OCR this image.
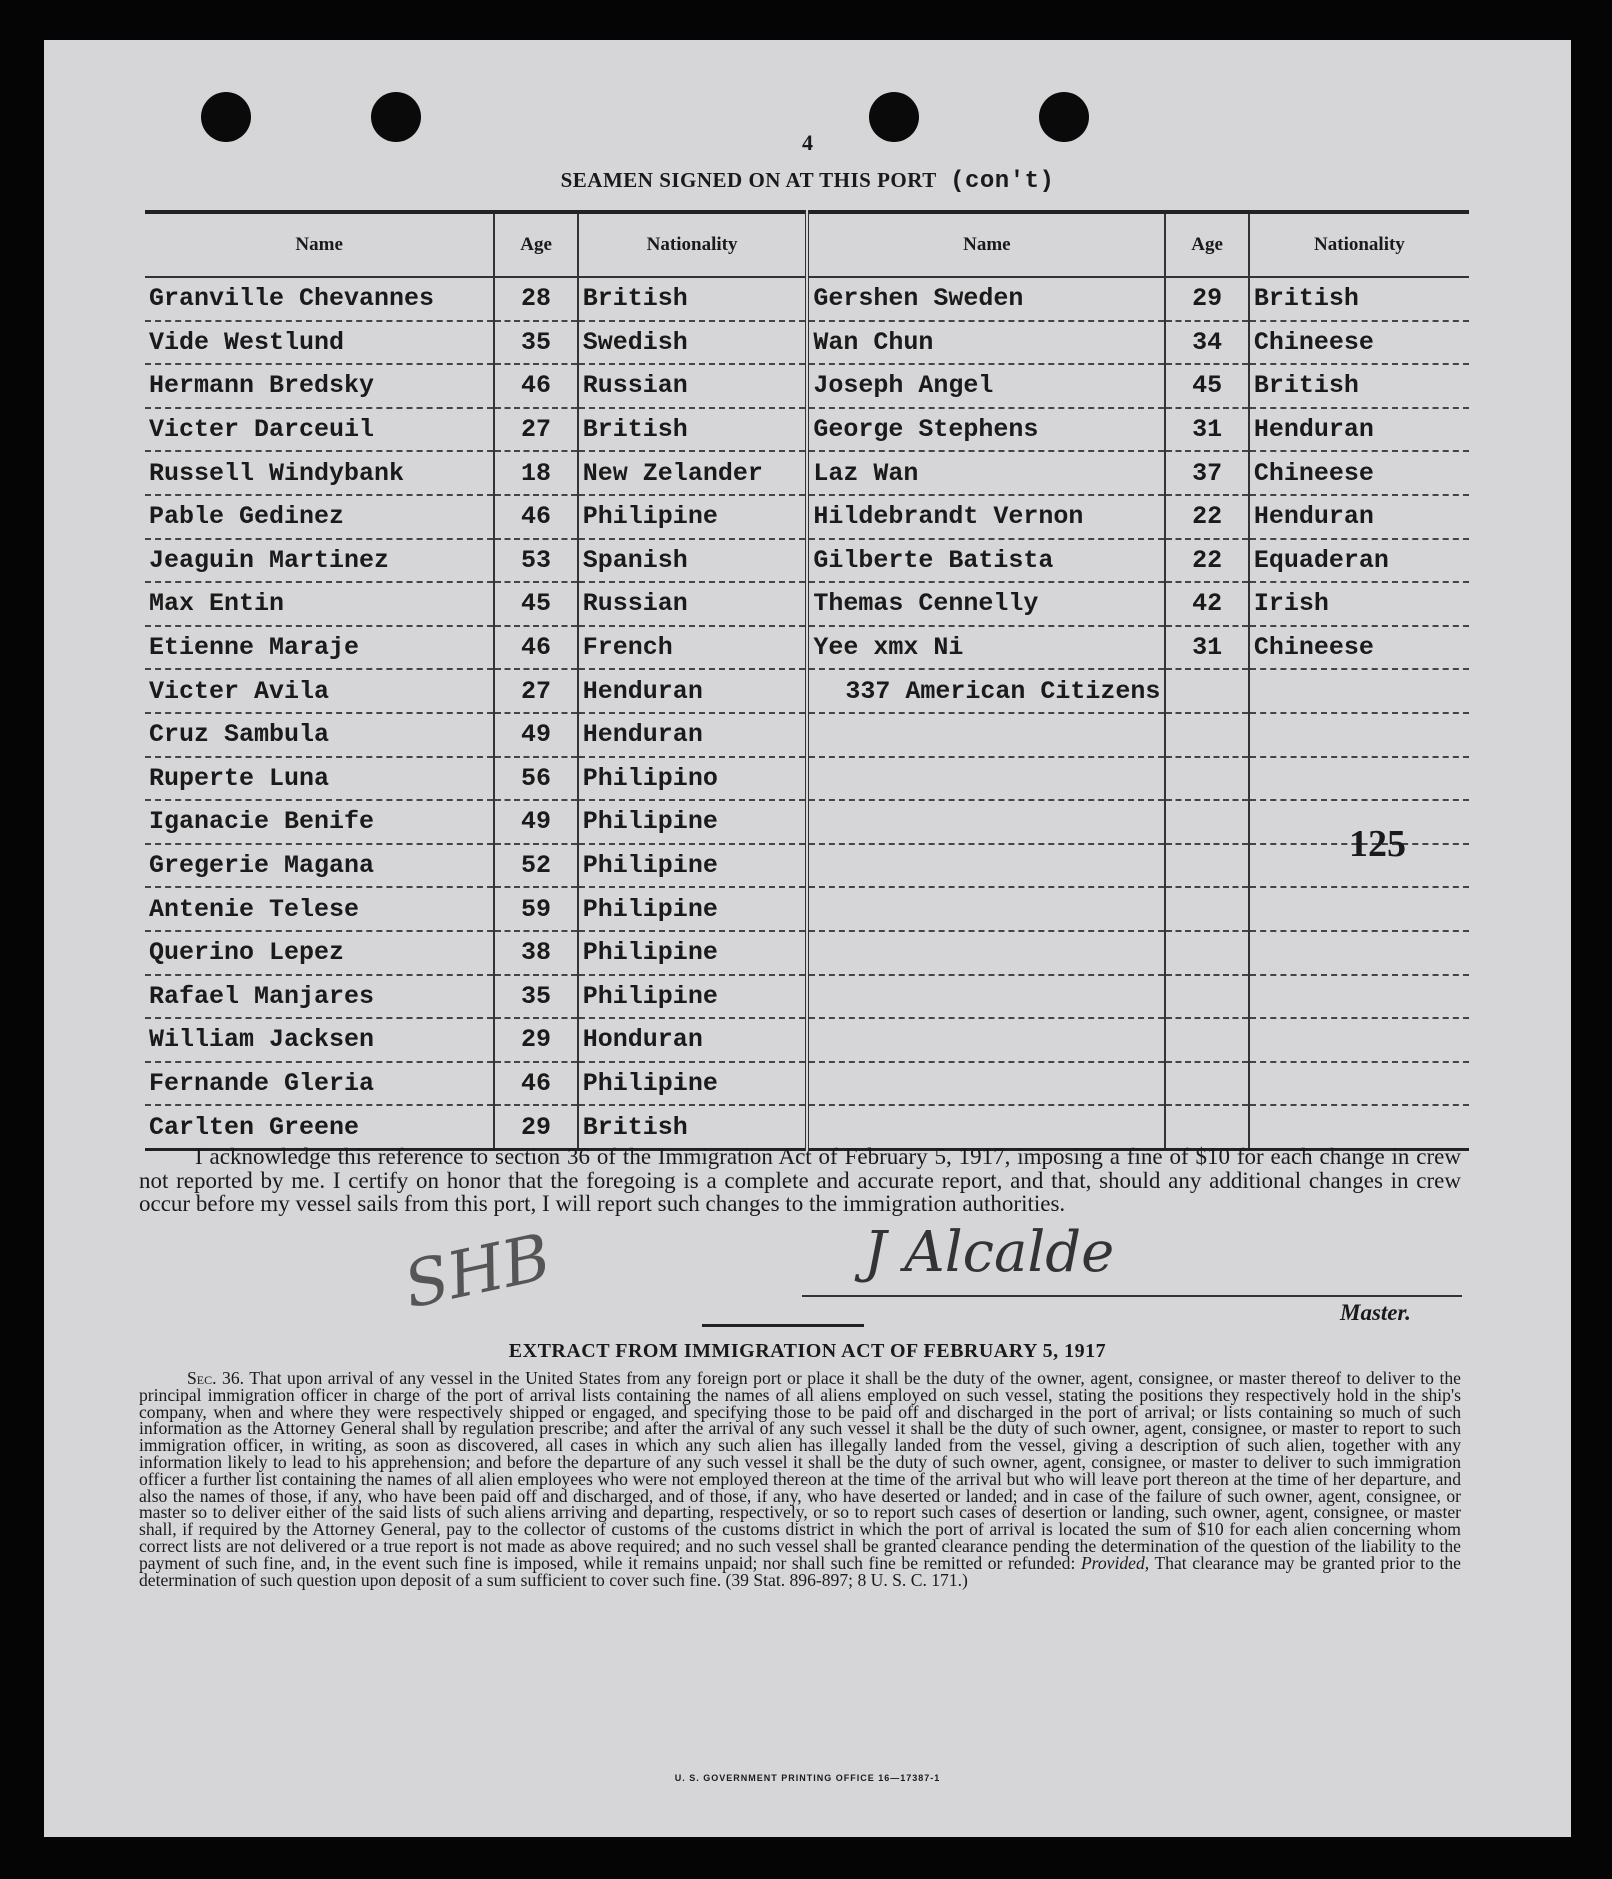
4
SEAMEN SIGNED ON AT THIS PORT (con't)
Name	Age	Nationality	Name	Age	Nationality
Granville Chevannes	28	British	Gershen Sweden	29	British
Vide Westlund	35	Swedish	Wan Chun	34	Chineese
Hermann Bredsky	46	Russian	Joseph Angel	45	British
Victer Darceuil	27	British	George Stephens	31	Henduran
Russell Windybank	18	New Zelander	Laz Wan	37	Chineese
Pable Gedinez	46	Philipine	Hildebrandt Vernon	22	Henduran
Jeaguin Martinez	53	Spanish	Gilberte Batista	22	Equaderan
Max Entin	45	Russian	Themas Cennelly	42	Irish
Etienne Maraje	46	French	Yee xmx Ni	31	Chineese
Victer Avila	27	Henduran	337 American Citizens		
Cruz Sambula	49	Henduran			
Ruperte Luna	56	Philipino			
Iganacie Benife	49	Philipine			
Gregerie Magana	52	Philipine			
Antenie Telese	59	Philipine			
Querino Lepez	38	Philipine			
Rafael Manjares	35	Philipine			
William Jacksen	29	Honduran			
Fernande Gleria	46	Philipine			
Carlten Greene	29	British			
125
I acknowledge this reference to section 36 of the Immigration Act of February 5, 1917, imposing a fine of $10 for each change in crew not reported by me. I certify on honor that the foregoing is a complete and accurate report, and that, should any additional changes in crew occur before my vessel sails from this port, I will report such changes to the immigration authorities.
SHB	J Alcalde
Master.
EXTRACT FROM IMMIGRATION ACT OF FEBRUARY 5, 1917
Sec. 36. That upon arrival of any vessel in the United States from any foreign port or place it shall be the duty of the owner, agent, consignee, or master thereof to deliver to the principal immigration officer in charge of the port of arrival lists containing the names of all aliens employed on such vessel, stating the positions they respectively hold in the ship's company, when and where they were respectively shipped or engaged, and specifying those to be paid off and discharged in the port of arrival; or lists containing so much of such information as the Attorney General shall by regulation prescribe; and after the arrival of any such vessel it shall be the duty of such owner, agent, consignee, or master to report to such immigration officer, in writing, as soon as discovered, all cases in which any such alien has illegally landed from the vessel, giving a description of such alien, together with any information likely to lead to his apprehension; and before the departure of any such vessel it shall be the duty of such owner, agent, consignee, or master to deliver to such immigration officer a further list containing the names of all alien employees who were not employed thereon at the time of the arrival but who will leave port thereon at the time of her departure, and also the names of those, if any, who have been paid off and discharged, and of those, if any, who have deserted or landed; and in case of the failure of such owner, agent, consignee, or master so to deliver either of the said lists of such aliens arriving and departing, respectively, or so to report such cases of desertion or landing, such owner, agent, consignee, or master shall, if required by the Attorney General, pay to the collector of customs of the customs district in which the port of arrival is located the sum of $10 for each alien concerning whom correct lists are not delivered or a true report is not made as above required; and no such vessel shall be granted clearance pending the determination of the question of the liability to the payment of such fine, and, in the event such fine is imposed, while it remains unpaid; nor shall such fine be remitted or refunded: Provided, That clearance may be granted prior to the determination of such question upon deposit of a sum sufficient to cover such fine. (39 Stat. 896-897; 8 U. S. C. 171.)
U. S. GOVERNMENT PRINTING OFFICE 16—17387-1
